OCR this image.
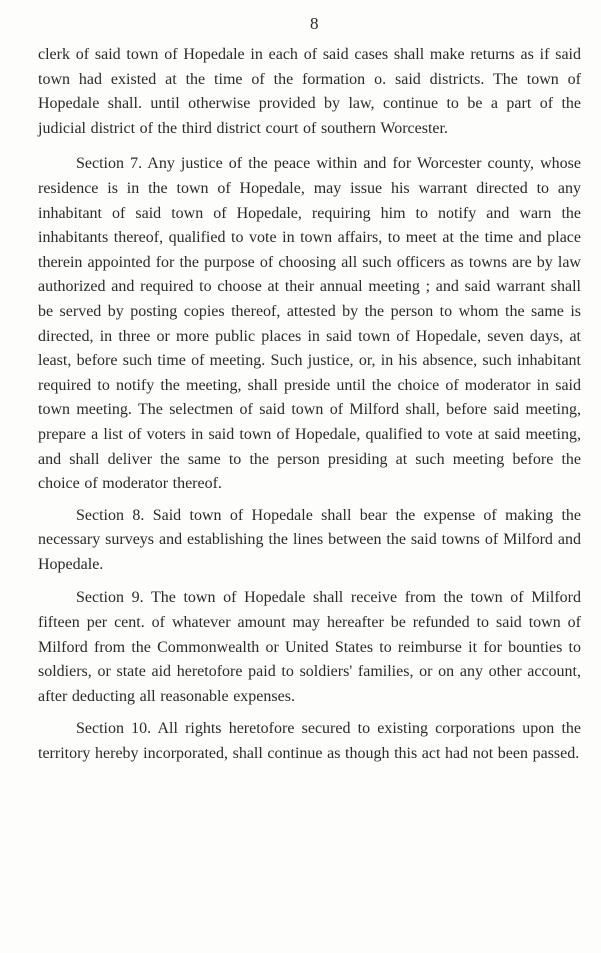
8

clerk of said town of Hopedale in each of said cases shall make returns as if said town had existed at the time of the formation o. said districts. The town of Hopedale shall. until otherwise provided by law, continue to be a part of the judicial district of the third district court of southern Worcester.

Section 7. Any justice of the peace within and for Worcester county, whose residence is in the town of Hopedale, may issue his warrant directed to any inhabitant of said town of Hopedale, requiring him to notify and warn the inhabitants thereof, qualified to vote in town affairs, to meet at the time and place therein appointed for the purpose of choosing all such officers as towns are by law authorized and required to choose at their annual meeting ; and said warrant shall be served by posting copies thereof, attested by the person to whom the same is directed, in three or more public places in said town of Hopedale, seven days, at least, before such time of meeting. Such justice, or, in his absence, such inhabitant required to notify the meeting, shall preside until the choice of moderator in said town meeting. The selectmen of said town of Milford shall, before said meeting, prepare a list of voters in said town of Hopedale, qualified to vote at said meeting, and shall deliver the same to the person presiding at such meeting before the choice of moderator thereof.

Section 8. Said town of Hopedale shall bear the expense of making the necessary surveys and establishing the lines between the said towns of Milford and Hopedale.

Section 9. The town of Hopedale shall receive from the town of Milford fifteen per cent. of whatever amount may hereafter be refunded to said town of Milford from the Commonwealth or United States to reimburse it for bounties to soldiers, or state aid heretofore paid to soldiers' families, or on any other account, after deducting all reasonable expenses.

Section 10. All rights heretofore secured to existing corporations upon the territory hereby incorporated, shall continue as though this act had not been passed.
